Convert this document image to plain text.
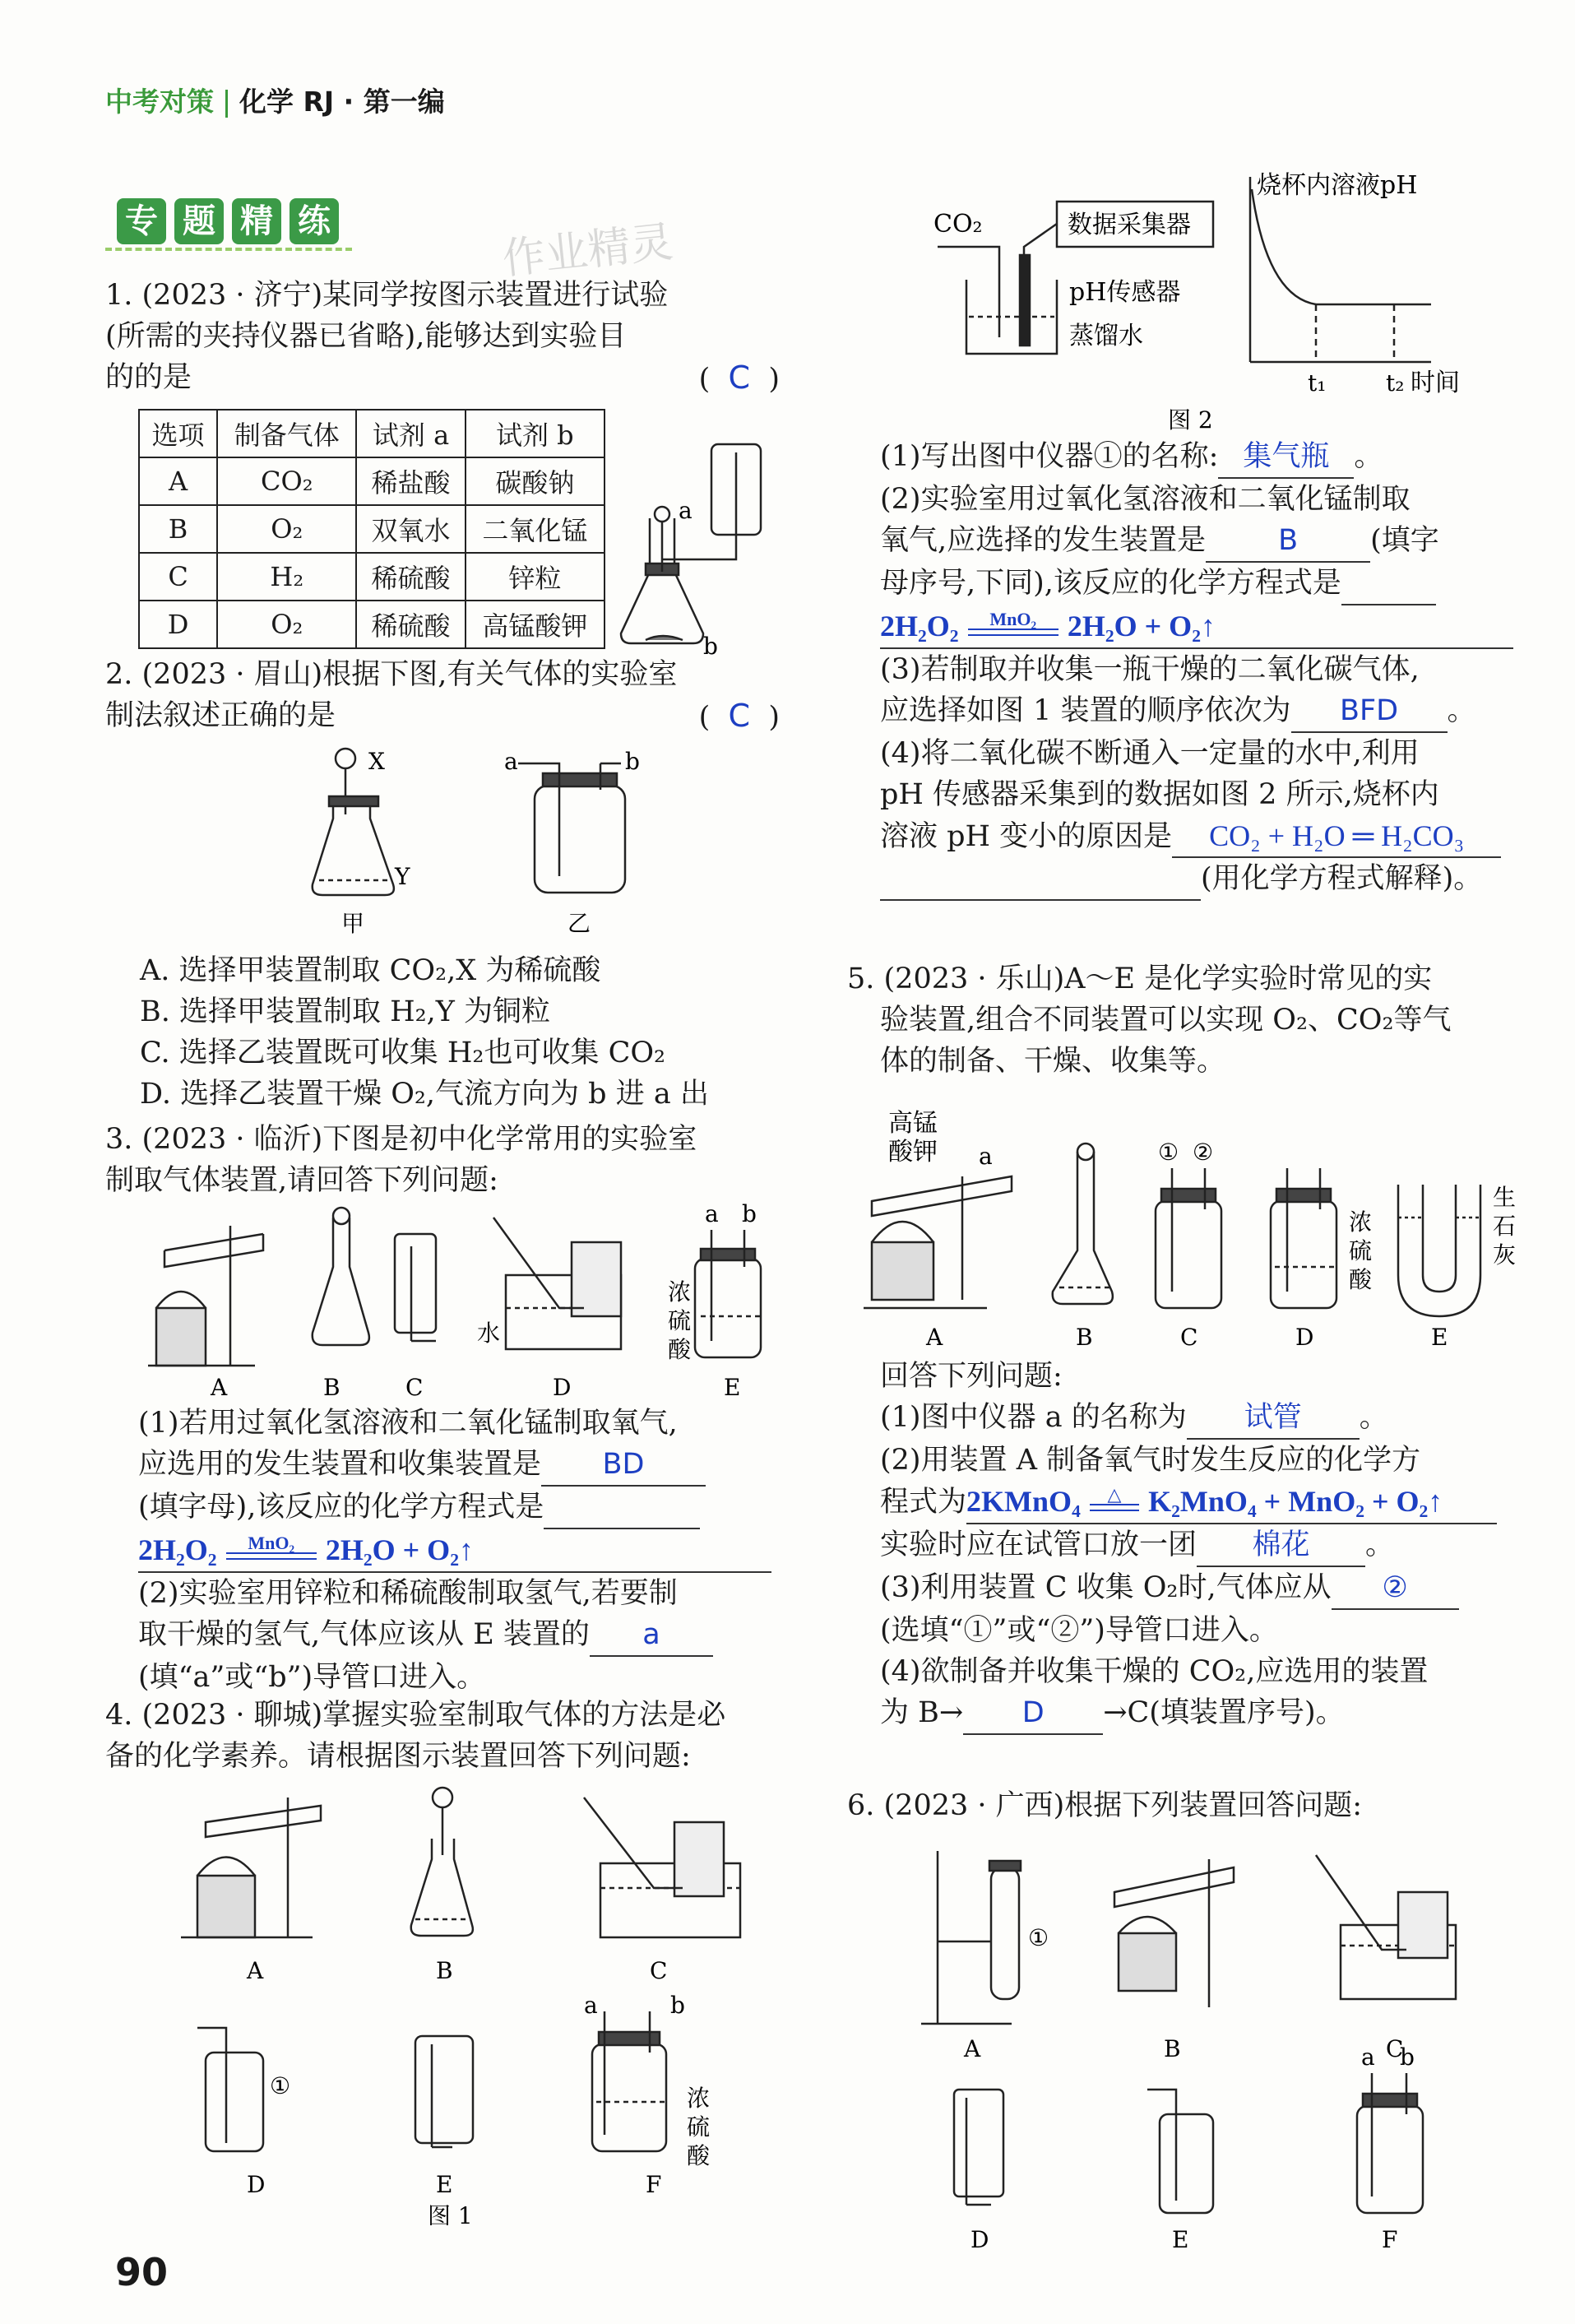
中考对策 化学 RJ · 第一编
专 题 精 练	作业精灵
1. (2023 · 济宁)某同学按图示装置进行试验
(所需的夹持仪器已省略),能够达到实验目
的的是	(  C  )
选项	制备气体	试剂 a	试剂 b
A	CO₂	稀盐酸	碳酸钠
B	O₂	双氧水	二氧化锰
C	H₂	稀硫酸	锌粒
D	O₂	稀硫酸	高锰酸钾
a
b
2. (2023 · 眉山)根据下图,有关气体的实验室
制法叙述正确的是	(  C  )
X
Y
甲
a	b
乙
A. 选择甲装置制取 CO₂,X 为稀硫酸
B. 选择甲装置制取 H₂,Y 为铜粒
C. 选择乙装置既可收集 H₂也可收集 CO₂
D. 选择乙装置干燥 O₂,气流方向为 b 进 a 出
3. (2023 · 临沂)下图是初中化学常用的实验室
制取气体装置,请回答下列问题:
A	B	C	D	E
水
浓
硫
酸
a b
(1)若用过氧化氢溶液和二氧化锰制取氧气,
应选用的发生装置和收集装置是 BD
(填字母),该反应的化学方程式是
2H₂O₂	MnO₂	2H₂O + O₂↑
(2)实验室用锌粒和稀硫酸制取氢气,若要制
取干燥的氢气,气体应该从 E 装置的 a
(填“a”或“b”)导管口进入。
4. (2023 · 聊城)掌握实验室制取气体的方法是必
备的化学素养。请根据图示装置回答下列问题:
A	B	C
D	E	F
①	浓
硫
酸
a	b
图 1
CO₂	数据采集器
pH传感器
蒸馏水
烧杯内溶液pH
t₁	t₂ 时间
图 2
(1)写出图中仪器①的名称: 集气瓶 。
(2)实验室用过氧化氢溶液和二氧化锰制取
氧气,应选择的发生装置是	B	(填字
母序号,下同),该反应的化学方程式是
2H₂O₂	MnO₂	2H₂O + O₂↑
(3)若制取并收集一瓶干燥的二氧化碳气体,
应选择如图 1 装置的顺序依次为 BFD 。
(4)将二氧化碳不断通入一定量的水中,利用
pH 传感器采集到的数据如图 2 所示,烧杯内
溶液 pH 变小的原因是 CO₂ + H₂O ═ H₂CO₃
(用化学方程式解释)。
5. (2023 · 乐山)A～E 是化学实验时常见的实
验装置,组合不同装置可以实现 O₂、CO₂等气
体的制备、干燥、收集等。
高锰
酸钾 a	① ②
浓
硫
酸
生
石
灰
A	B	C	D	E
回答下列问题:
(1)图中仪器 a 的名称为 试管 。
(2)用装置 A 制备氧气时发生反应的化学方
程式为2KMnO₄	△ K₂MnO₄ + MnO₂ + O₂↑
实验时应在试管口放一团 棉花 。
(3)利用装置 C 收集 O₂时,气体应从 ②
(选填“①”或“②”)导管口进入。
(4)欲制备并收集干燥的 CO₂,应选用的装置
为 B→ D →C(填装置序号)。
6. (2023 · 广西)根据下列装置回答问题:
①
A	B	C
D	E	F
a b
90
